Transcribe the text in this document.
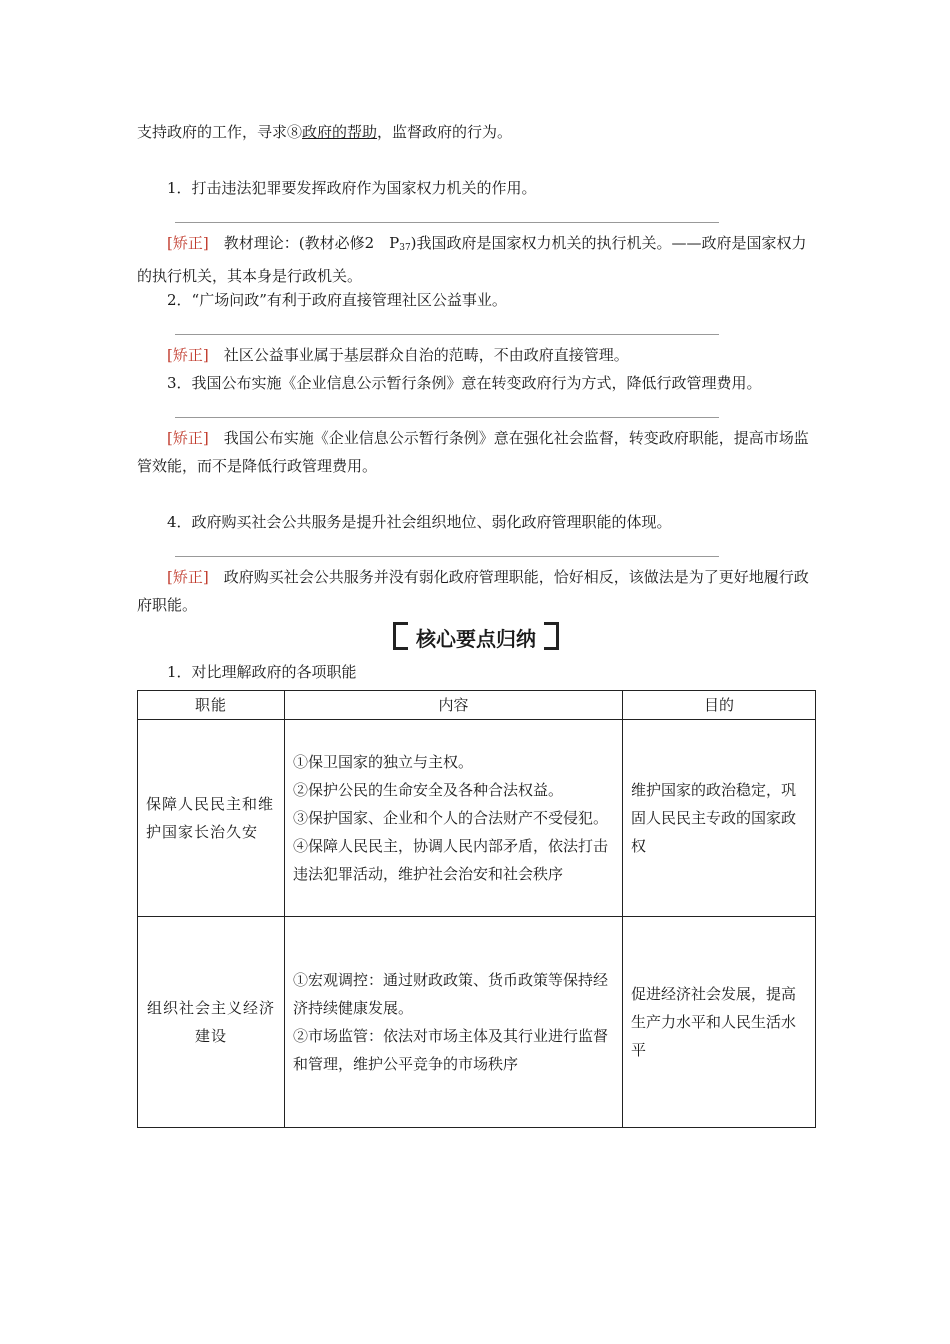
支持政府的工作，寻求⑧政府的帮助，监督政府的行为。

1．打击违法犯罪要发挥政府作为国家权力机关的作用。

[矫正]　教材理论：(教材必修2　$P_{37}$)我国政府是国家权力机关的执行机关。——政府是国家权力的执行机关，其本身是行政机关。

2．“广场问政”有利于政府直接管理社区公益事业。

[矫正]　社区公益事业属于基层群众自治的范畴，不由政府直接管理。

3．我国公布实施《企业信息公示暂行条例》意在转变政府行为方式，降低行政管理费用。

[矫正]　我国公布实施《企业信息公示暂行条例》意在强化社会监督，转变政府职能，提高市场监管效能，而不是降低行政管理费用。

4．政府购买社会公共服务是提升社会组织地位、弱化政府管理职能的体现。

[矫正]　政府购买社会公共服务并没有弱化政府管理职能，恰好相反，该做法是为了更好地履行政府职能。

核心要点归纳

1．对比理解政府的各项职能

职能	内容	目的
保障人民民主和维护国家长治久安	①保卫国家的独立与主权。
②保护公民的生命安全及各种合法权益。
③保护国家、企业和个人的合法财产不受侵犯。
④保障人民民主，协调人民内部矛盾，依法打击违法犯罪活动，维护社会治安和社会秩序	维护国家的政治稳定，巩固人民民主专政的国家政权
组织社会主义经济建设	①宏观调控：通过财政政策、货币政策等保持经济持续健康发展。
②市场监管：依法对市场主体及其行业进行监督和管理，维护公平竞争的市场秩序	促进经济社会发展，提高生产力水平和人民生活水平
